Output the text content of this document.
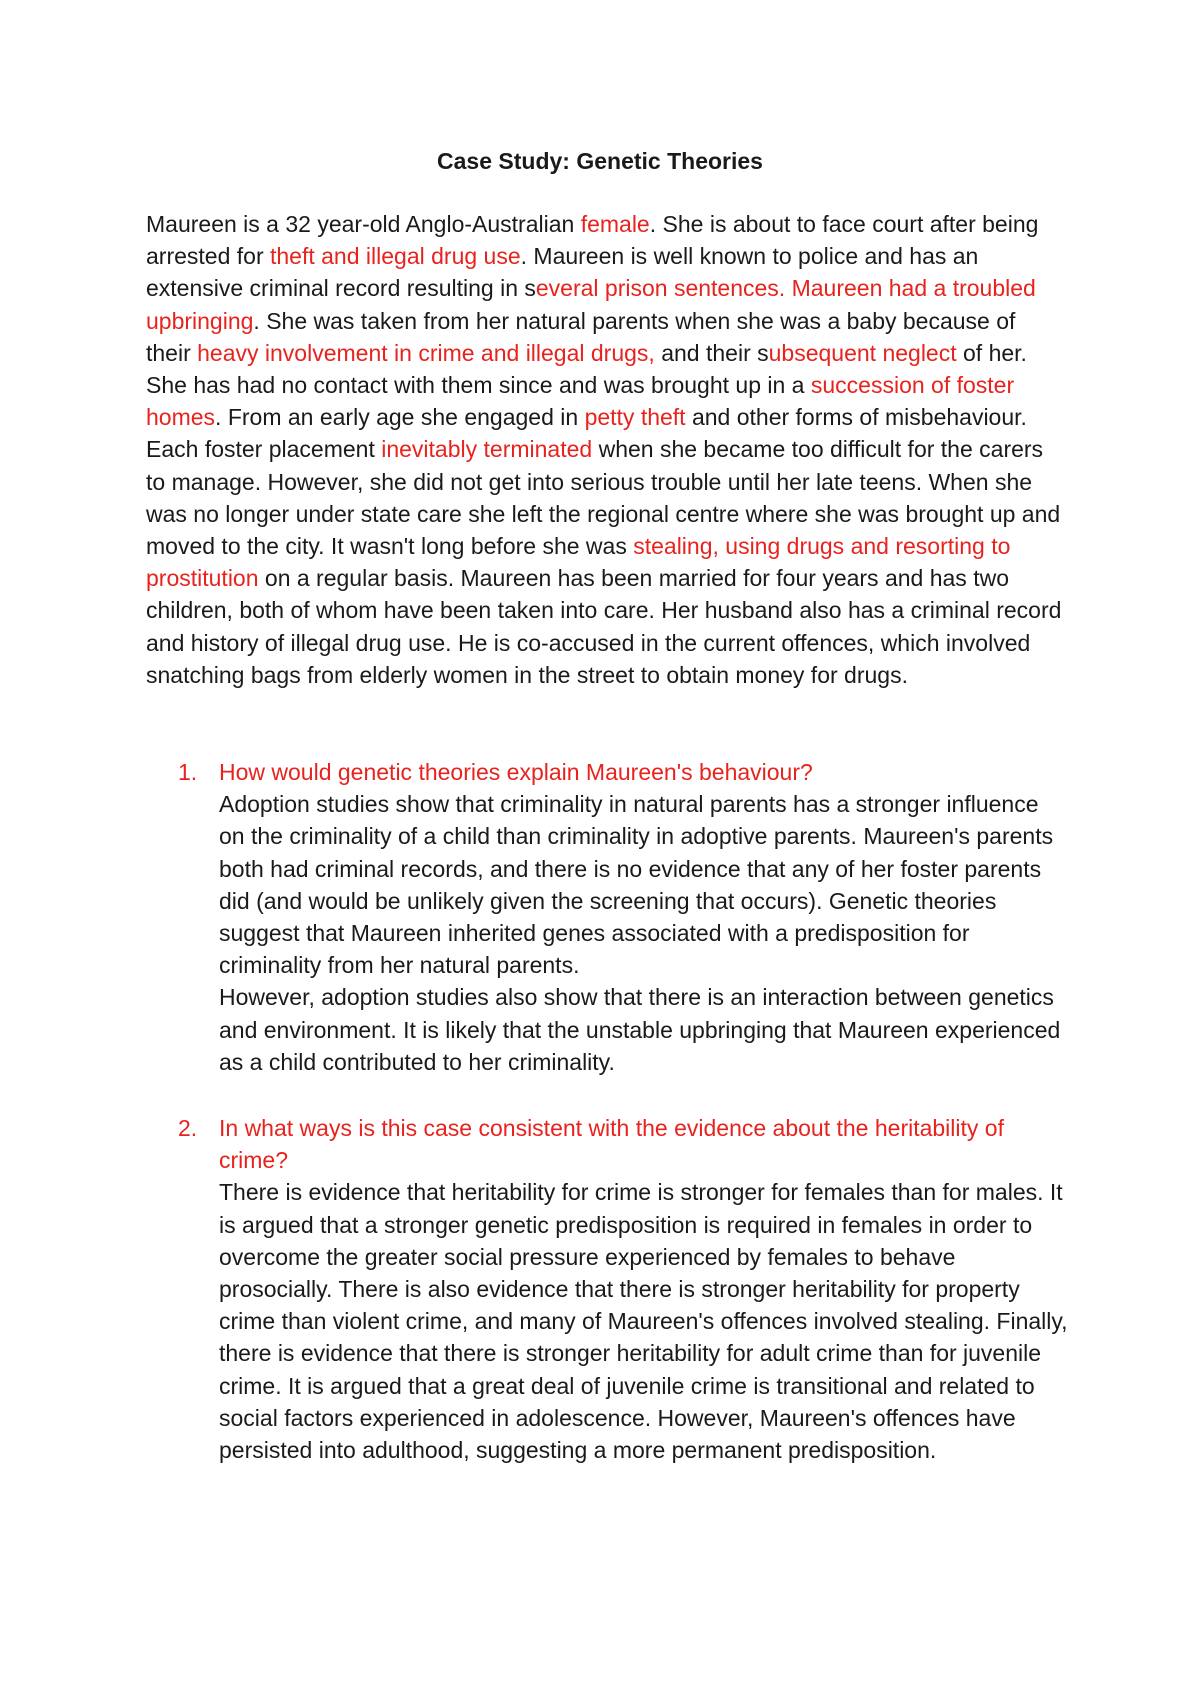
Case Study: Genetic Theories

Maureen is a 32 year-old Anglo-Australian female. She is about to face court after being arrested for theft and illegal drug use. Maureen is well known to police and has an extensive criminal record resulting in several prison sentences. Maureen had a troubled upbringing. She was taken from her natural parents when she was a baby because of their heavy involvement in crime and illegal drugs, and their subsequent neglect of her. She has had no contact with them since and was brought up in a succession of foster homes. From an early age she engaged in petty theft and other forms of misbehaviour. Each foster placement inevitably terminated when she became too difficult for the carers to manage. However, she did not get into serious trouble until her late teens. When she was no longer under state care she left the regional centre where she was brought up and moved to the city. It wasn't long before she was stealing, using drugs and resorting to prostitution on a regular basis. Maureen has been married for four years and has two children, both of whom have been taken into care. Her husband also has a criminal record and history of illegal drug use. He is co-accused in the current offences, which involved snatching bags from elderly women in the street to obtain money for drugs.

1. How would genetic theories explain Maureen's behaviour?
Adoption studies show that criminality in natural parents has a stronger influence on the criminality of a child than criminality in adoptive parents. Maureen's parents both had criminal records, and there is no evidence that any of her foster parents did (and would be unlikely given the screening that occurs). Genetic theories suggest that Maureen inherited genes associated with a predisposition for criminality from her natural parents.
However, adoption studies also show that there is an interaction between genetics and environment. It is likely that the unstable upbringing that Maureen experienced as a child contributed to her criminality.
2. In what ways is this case consistent with the evidence about the heritability of crime?
There is evidence that heritability for crime is stronger for females than for males. It is argued that a stronger genetic predisposition is required in females in order to overcome the greater social pressure experienced by females to behave prosocially. There is also evidence that there is stronger heritability for property crime than violent crime, and many of Maureen's offences involved stealing. Finally, there is evidence that there is stronger heritability for adult crime than for juvenile crime. It is argued that a great deal of juvenile crime is transitional and related to social factors experienced in adolescence. However, Maureen's offences have persisted into adulthood, suggesting a more permanent predisposition.
